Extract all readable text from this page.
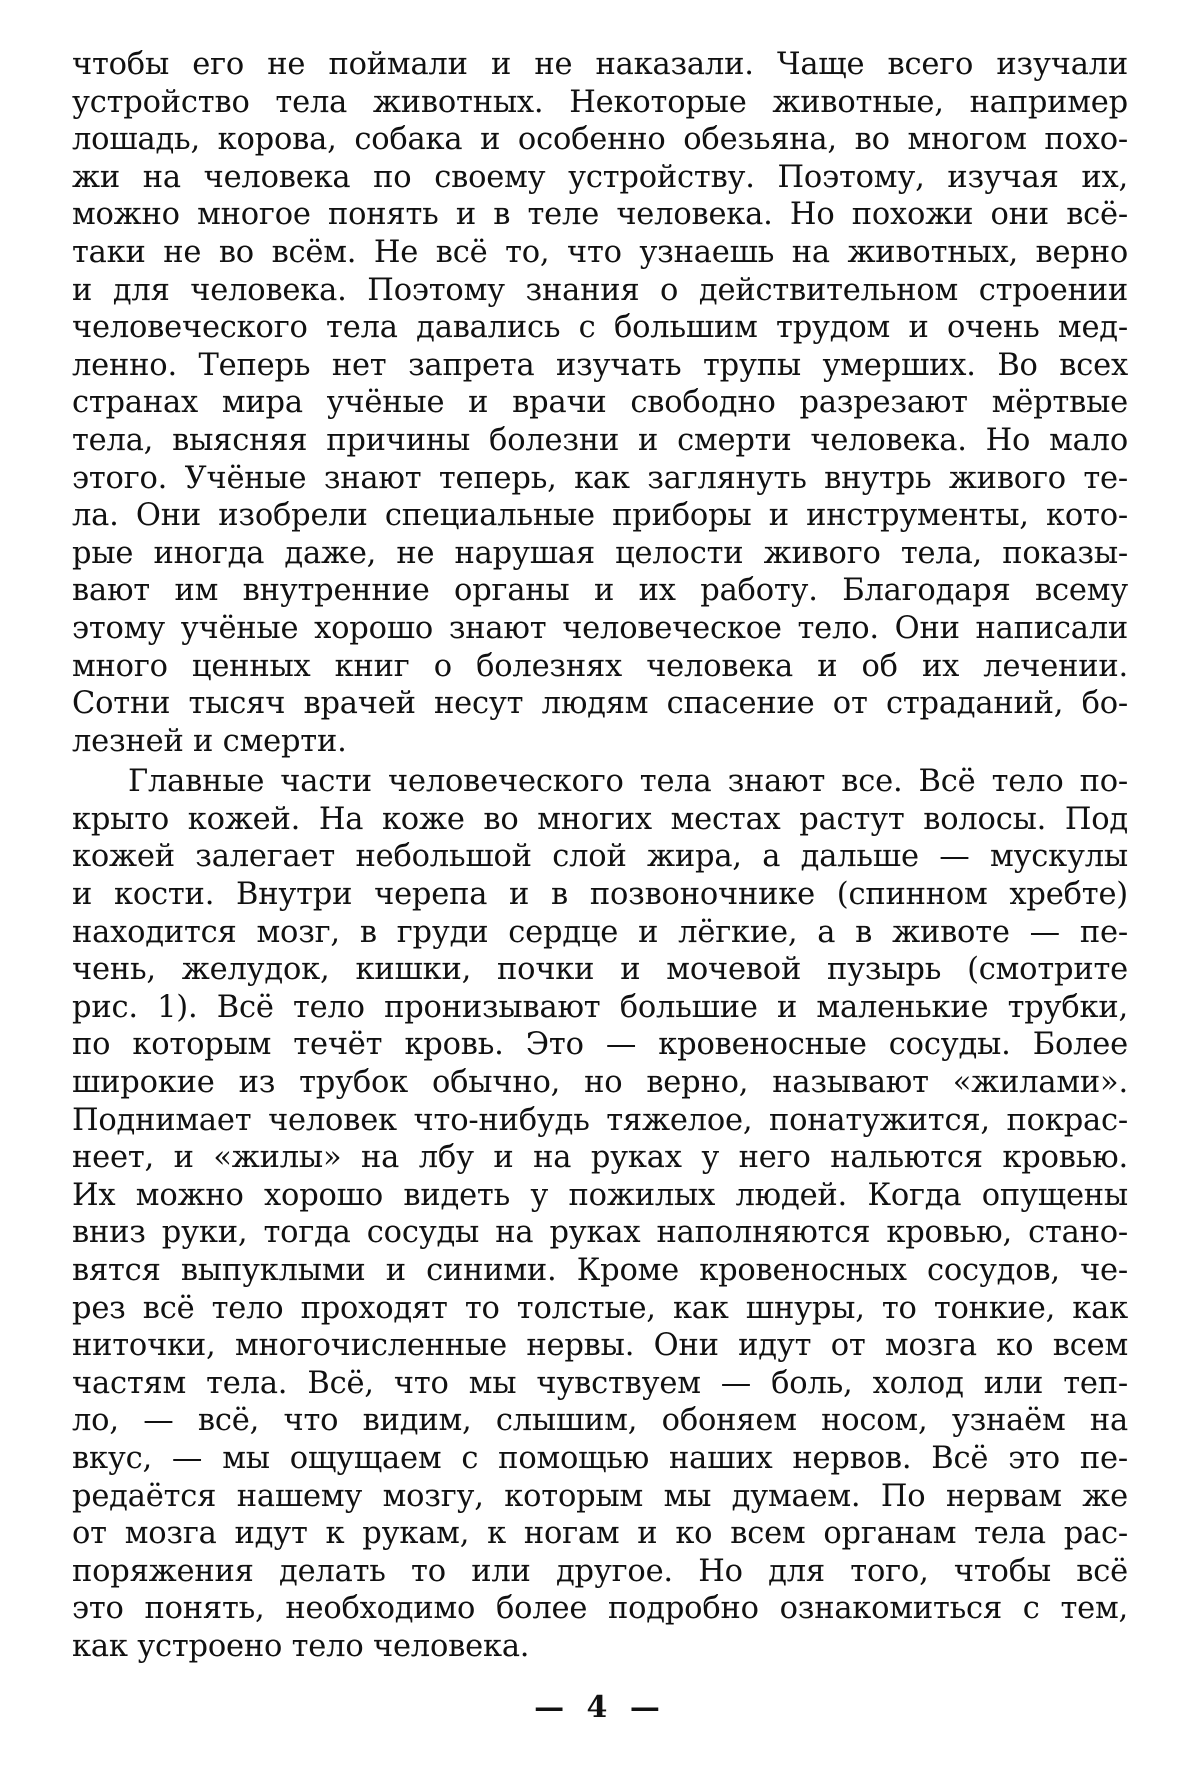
чтобы его не поймали и не наказали. Чаще всего изучали
устройство тела животных. Некоторые животные, например
лошадь, корова, собака и особенно обезьяна, во многом похо-
жи на человека по своему устройству. Поэтому, изучая их,
можно многое понять и в теле человека. Но похожи они всё-
таки не во всём. Не всё то, что узнаешь на животных, верно
и для человека. Поэтому знания о действительном строении
человеческого тела давались с большим трудом и очень мед-
ленно. Теперь нет запрета изучать трупы умерших. Во всех
странах мира учёные и врачи свободно разрезают мёртвые
тела, выясняя причины болезни и смерти человека. Но мало
этого. Учёные знают теперь, как заглянуть внутрь живого те-
ла. Они изобрели специальные приборы и инструменты, кото-
рые иногда даже, не нарушая целости живого тела, показы-
вают им внутренние органы и их работу. Благодаря всему
этому учёные хорошо знают человеческое тело. Они написали
много ценных книг о болезнях человека и об их лечении.
Сотни тысяч врачей несут людям спасение от страданий, бо-
лезней и смерти.
Главные части человеческого тела знают все. Всё тело по-
крыто кожей. На коже во многих местах растут волосы. Под
кожей залегает небольшой слой жира, а дальше — мускулы
и кости. Внутри черепа и в позвоночнике (спинном хребте)
находится мозг, в груди сердце и лёгкие, а в животе — пе-
чень, желудок, кишки, почки и мочевой пузырь (смотрите
рис. 1). Всё тело пронизывают большие и маленькие трубки,
по которым течёт кровь. Это — кровеносные сосуды. Более
широкие из трубок обычно, но верно, называют «жилами».
Поднимает человек что-нибудь тяжелое, понатужится, покрас-
неет, и «жилы» на лбу и на руках у него нальются кровью.
Их можно хорошо видеть у пожилых людей. Когда опущены
вниз руки, тогда сосуды на руках наполняются кровью, стано-
вятся выпуклыми и синими. Кроме кровеносных сосудов, че-
рез всё тело проходят то толстые, как шнуры, то тонкие, как
ниточки, многочисленные нервы. Они идут от мозга ко всем
частям тела. Всё, что мы чувствуем — боль, холод или теп-
ло, — всё, что видим, слышим, обоняем носом, узнаём на
вкус, — мы ощущаем с помощью наших нервов. Всё это пе-
редаётся нашему мозгу, которым мы думаем. По нервам же
от мозга идут к рукам, к ногам и ко всем органам тела рас-
поряжения делать то или другое. Но для того, чтобы всё
это понять, необходимо более подробно ознакомиться с тем,
как устроено тело человека.
— 4 —
